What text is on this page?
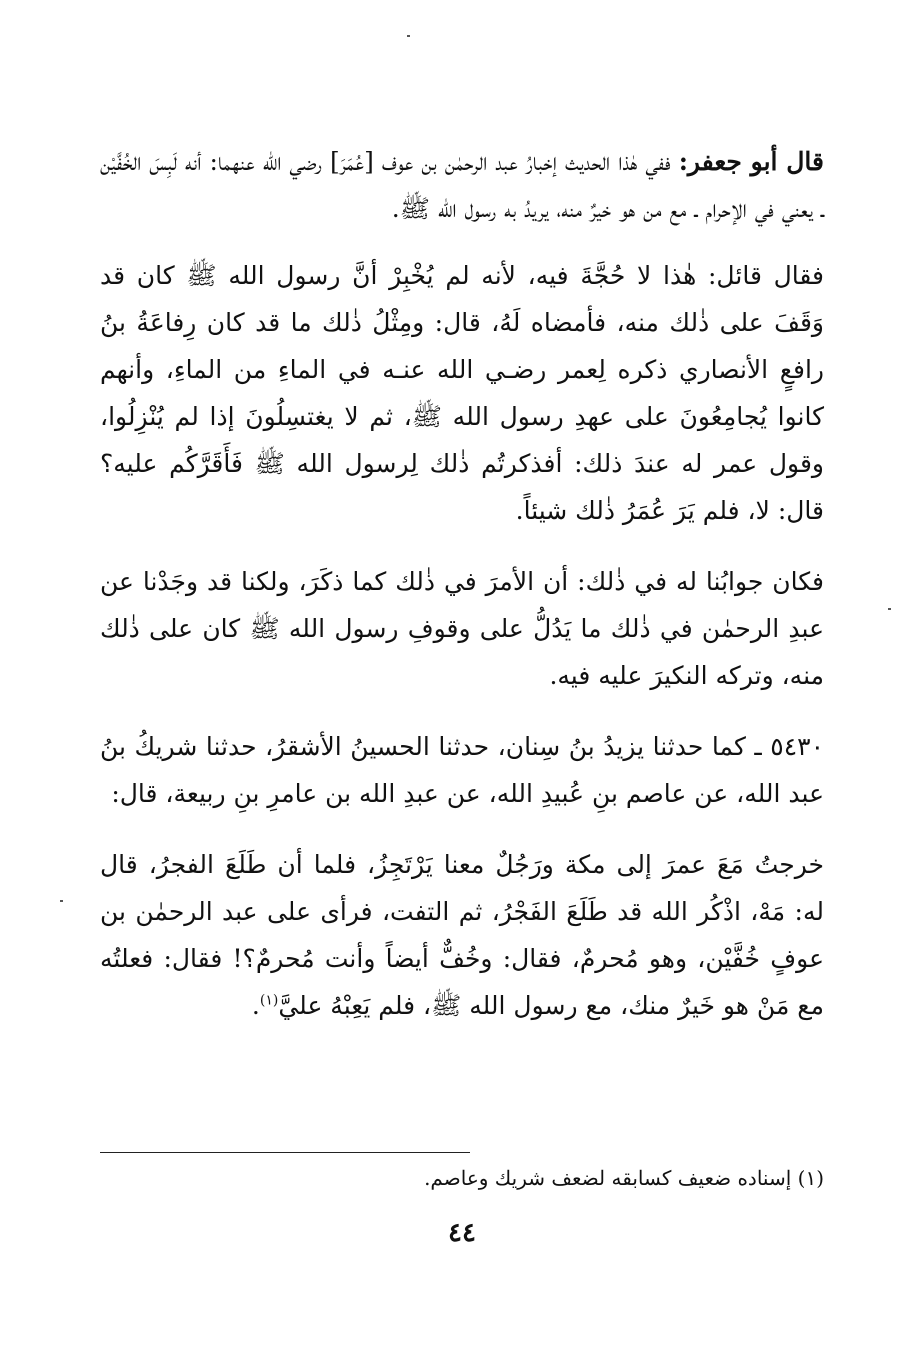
قال أبو جعفر: ففي هٰذا الحديث إخبارُ عبد الرحمٰن بن عوف [عُمَرَ] رضي الله عنهما: أنه لَبِسَ الخُفَّيْن ـ يعني في الإحرام ـ مع من هو خيرٌ منه، يريدُ به رسول الله ﷺ.

فقال قائل: هٰذا لا حُجَّةَ فيه، لأنه لم يُخْبِرْ أنَّ رسول الله ﷺ كان قد وَقَفَ على ذٰلك منه، فأمضاه لَهُ، قال: ومِثْلُ ذٰلك ما قد كان رِفاعَةُ بنُ رافعٍ الأنصاري ذكره لِعمر رضـي الله عنـه في الماءِ من الماءِ، وأنهم كانوا يُجامِعُونَ على عهدِ رسول الله ﷺ، ثم لا يغتسِلُونَ إذا لم يُنْزِلُوا، وقول عمر له عندَ ذلك: أفذكرتُم ذٰلك لِرسول الله ﷺ فَأَقَرَّكُم عليه؟ قال: لا، فلم يَرَ عُمَرُ ذٰلك شيئاً.

فكان جوابُنا له في ذٰلك: أن الأمرَ في ذٰلك كما ذكَرَ، ولكنا قد وجَدْنا عن عبدِ الرحمٰن في ذٰلك ما يَدُلُّ على وقوفِ رسول الله ﷺ كان على ذٰلك منه، وتركه النكيرَ عليه فيه.

٥٤٣٠ ـ كما حدثنا يزيدُ بنُ سِنان، حدثنا الحسينُ الأشقرُ، حدثنا شريكُ بنُ عبد الله، عن عاصم بنِ عُبيدِ الله، عن عبدِ الله بن عامرِ بنِ ربيعة، قال:

خرجتُ مَعَ عمرَ إلى مكة ورَجُلٌ معنا يَرْتَجِزُ، فلما أن طَلَعَ الفجرُ، قال له: مَهْ، اذْكُر الله قد طَلَعَ الفَجْرُ، ثم التفت، فرأى على عبد الرحمٰن بن عوفٍ خُفَّيْن، وهو مُحرمٌ، فقال: وخُفٌّ أيضاً وأنت مُحرمٌ؟! فقال: فعلتُه مع مَنْ هو خَيرٌ منك، مع رسول الله ﷺ، فلم يَعِبْهُ عليَّ$^{(١)}$.

(١) إسناده ضعيف كسابقه لضعف شريك وعاصم.
٤٤
